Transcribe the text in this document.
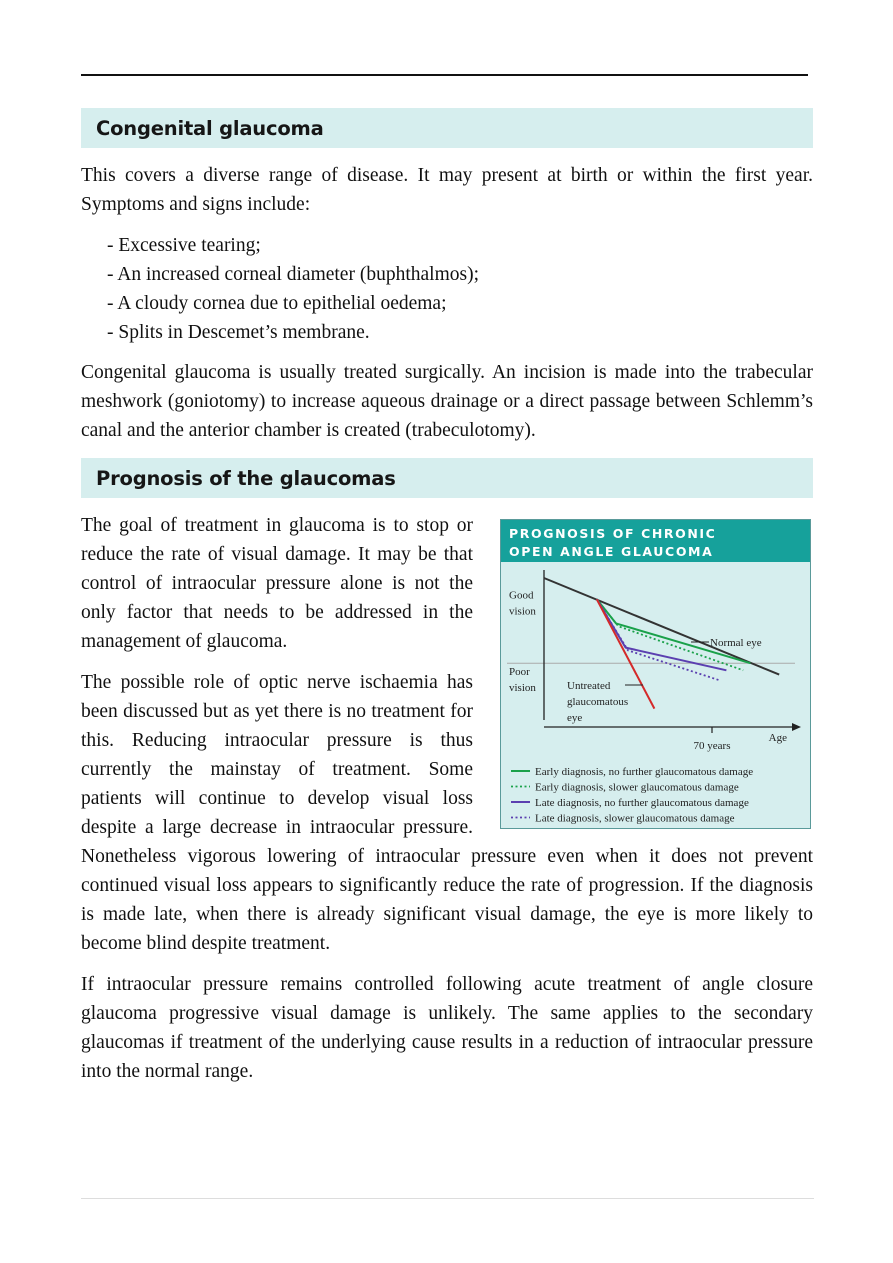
Congenital glaucoma

This covers a diverse range of disease. It may present at birth or within the first year. Symptoms and signs include:

- Excessive tearing;
- An increased corneal diameter (buphthalmos);
- A cloudy cornea due to epithelial oedema;
- Splits in Descemet’s membrane.

Congenital glaucoma is usually treated surgically. An incision is made into the trabecular meshwork (goniotomy) to increase aqueous drainage or a direct passage between Schlemm’s canal and the anterior chamber is created (trabeculotomy).

Prognosis of the glaucomas

The goal of treatment in glaucoma is to stop or reduce the rate of visual damage. It may be that control of intraocular pressure alone is not the only factor that needs to be addressed in the management of glaucoma.

The possible role of optic nerve ischaemia has been discussed but as yet there is no treatment for this. Reducing intraocular pressure is thus currently the mainstay of treatment. Some patients will continue to develop visual loss despite a large decrease in intraocular pressure. Nonetheless vigorous lowering of intraocular pressure even when it does not prevent continued visual loss appears to significantly reduce the rate of progression. If the diagnosis is made late, when there is already significant visual damage, the eye is more likely to become blind despite treatment.

If intraocular pressure remains controlled following acute treatment of angle closure glaucoma progressive visual damage is unlikely. The same applies to the secondary glaucomas if treatment of the underlying cause results in a reduction of intraocular pressure into the normal range.

PROGNOSIS OF CHRONIC
OPEN ANGLE GLAUCOMA
70 years
Age
Good
vision
Poor
vision
Normal eye
Untreated
glaucomatous
eye
Early diagnosis, no further glaucomatous damage
Early diagnosis, slower glaucomatous damage
Late diagnosis, no further glaucomatous damage
Late diagnosis, slower glaucomatous damage
